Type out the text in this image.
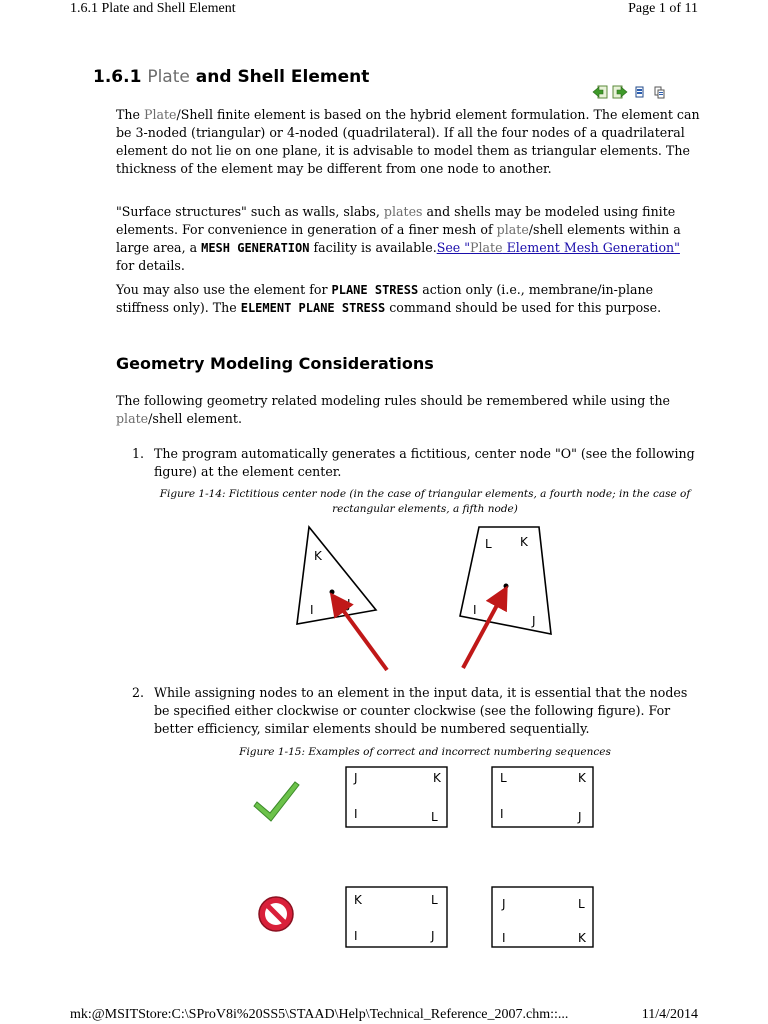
1.6.1 Plate and Shell Element	Page 1 of 11
mk:@MSITStore:C:\SProV8i%20SS5\STAAD\Help\Technical_Reference_2007.chm::...	11/4/2014
1.6.1 Plate and Shell Element

The Plate/Shell finite element is based on the hybrid element formulation. The element can be 3-noded (triangular) or 4-noded (quadrilateral). If all the four nodes of a quadrilateral element do not lie on one plane, it is advisable to model them as triangular elements. The thickness of the element may be different from one node to another.

"Surface structures" such as walls, slabs, plates and shells may be modeled using finite elements. For convenience in generation of a finer mesh of plate/shell elements within a large area, a MESH GENERATION facility is available.See "Plate Element Mesh Generation" for details.

You may also use the element for PLANE STRESS action only (i.e., membrane/in-plane stiffness only). The ELEMENT PLANE STRESS command should be used for this purpose.

Geometry Modeling Considerations

The following geometry related modeling rules should be remembered while using the plate/shell element.

1. The program automatically generates a fictitious, center node "O" (see the following figure) at the element center.
Figure 1-14: Fictitious center node (in the case of triangular elements, a fourth node; in the case of rectangular elements, a fifth node)
K
I	J
L K
I
J
2. While assigning nodes to an element in the input data, it is essential that the nodes be specified either clockwise or counter clockwise (see the following figure). For better efficiency, similar elements should be numbered sequentially.
Figure 1-15: Examples of correct and incorrect numbering sequences
J	K
I	L
L	K
I	J
K	L
I	J
J	L
I	K
